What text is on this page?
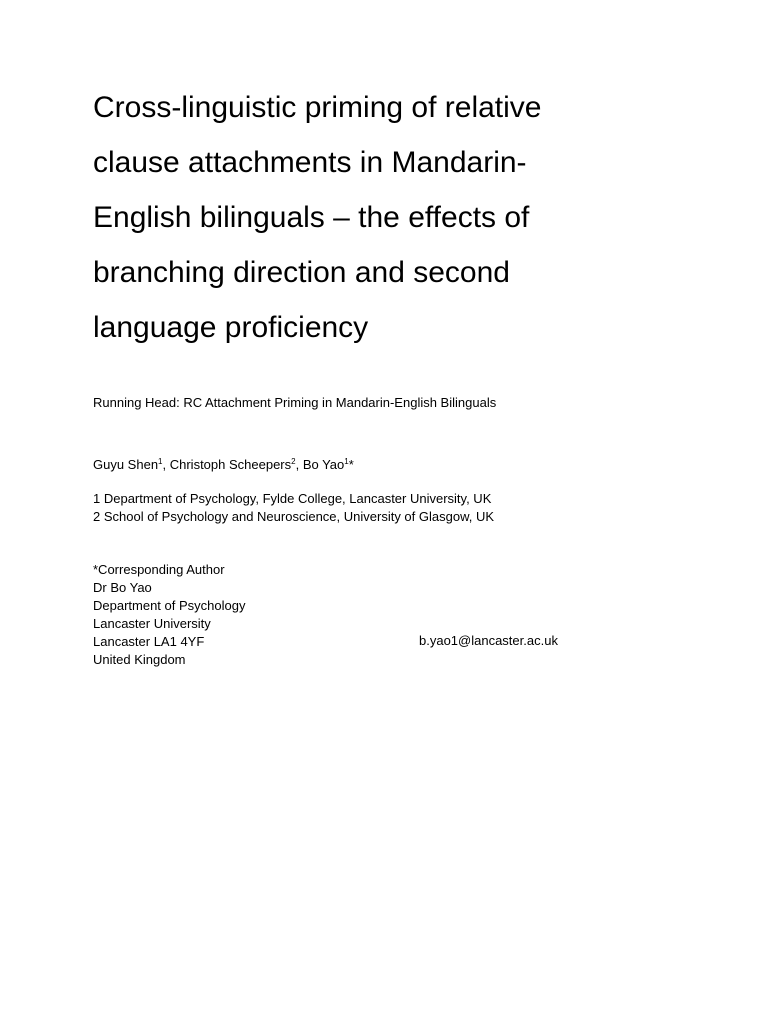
Cross-linguistic priming of relative
clause attachments in Mandarin-
English bilinguals – the effects of
branching direction and second
language proficiency
Running Head: RC Attachment Priming in Mandarin-English Bilinguals
Guyu Shen$^1$, Christoph Scheepers$^2$, Bo Yao$^1$*
1 Department of Psychology, Fylde College, Lancaster University, UK
2 School of Psychology and Neuroscience, University of Glasgow, UK
*Corresponding Author
Dr Bo Yao
Department of Psychology
Lancaster University
Lancaster LA1 4YF
United Kingdom
b.yao1@lancaster.ac.uk
